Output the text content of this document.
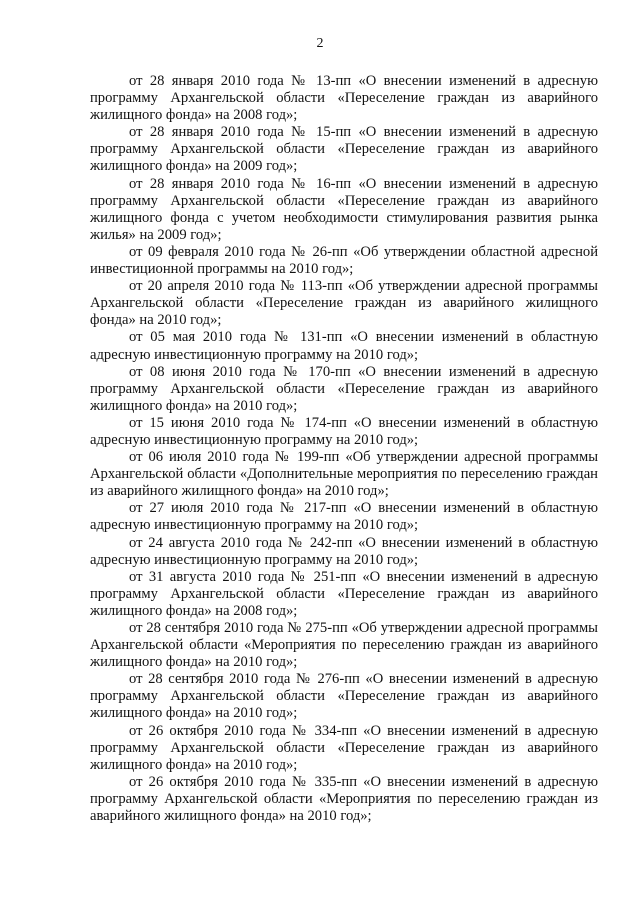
2

от 28 января 2010 года № 13-пп «О внесении изменений в адресную программу Архангельской области «Переселение граждан из аварийного жилищного фонда» на 2008 год»;

от 28 января 2010 года № 15-пп «О внесении изменений в адресную программу Архангельской области «Переселение граждан из аварийного жилищного фонда» на 2009 год»;

от 28 января 2010 года № 16-пп «О внесении изменений в адресную программу Архангельской области «Переселение граждан из аварийного жилищного фонда с учетом необходимости стимулирования развития рынка жилья» на 2009 год»;

от 09 февраля 2010 года № 26-пп «Об утверждении областной адресной инвестиционной программы на 2010 год»;

от 20 апреля 2010 года № 113-пп «Об утверждении адресной программы Архангельской области «Переселение граждан из аварийного жилищного фонда» на 2010 год»;

от 05 мая 2010 года № 131-пп «О внесении изменений в областную адресную инвестиционную программу на 2010 год»;

от 08 июня 2010 года № 170-пп «О внесении изменений в адресную программу Архангельской области «Переселение граждан из аварийного жилищного фонда» на 2010 год»;

от 15 июня 2010 года № 174-пп «О внесении изменений в областную адресную инвестиционную программу на 2010 год»;

от 06 июля 2010 года № 199-пп «Об утверждении адресной программы Архангельской области «Дополнительные мероприятия по переселению граждан из аварийного жилищного фонда» на 2010 год»;

от 27 июля 2010 года № 217-пп «О внесении изменений в областную адресную инвестиционную программу на 2010 год»;

от 24 августа 2010 года № 242-пп «О внесении изменений в областную адресную инвестиционную программу на 2010 год»;

от 31 августа 2010 года № 251-пп «О внесении изменений в адресную программу Архангельской области «Переселение граждан из аварийного жилищного фонда» на 2008 год»;

от 28 сентября 2010 года № 275-пп «Об утверждении адресной программы Архангельской области «Мероприятия по переселению граждан из аварийного жилищного фонда» на 2010 год»;

от 28 сентября 2010 года № 276-пп «О внесении изменений в адресную программу Архангельской области «Переселение граждан из аварийного жилищного фонда» на 2010 год»;

от 26 октября 2010 года № 334-пп «О внесении изменений в адресную программу Архангельской области «Переселение граждан из аварийного жилищного фонда» на 2010 год»;

от 26 октября 2010 года № 335-пп «О внесении изменений в адресную программу Архангельской области «Мероприятия по переселению граждан из аварийного жилищного фонда» на 2010 год»;
